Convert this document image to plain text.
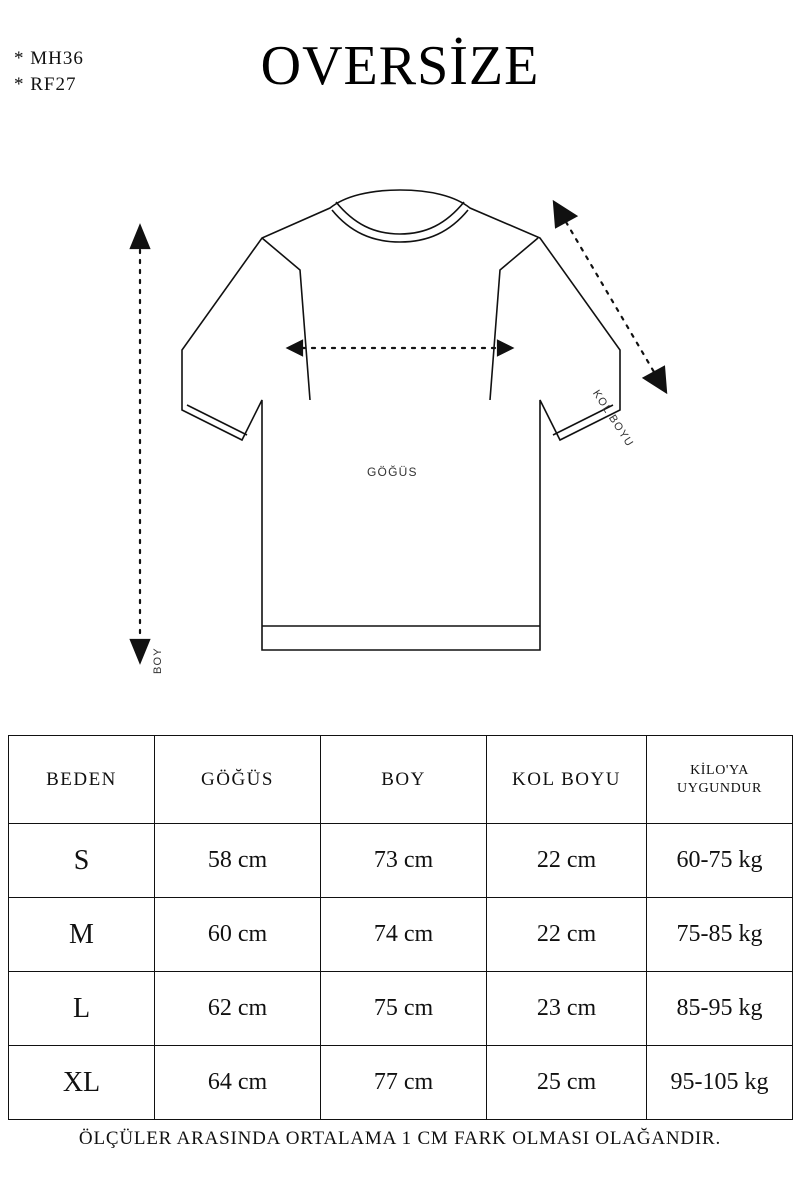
* MH36
* RF27	OVERSİZE
GÖĞÜS
BOY
KOL BOYU
BEDEN	GÖĞÜS	BOY	KOL BOYU	KİLO'YA
UYGUNDUR

S	58 cm	73 cm	22 cm	60-75 kg
M	60 cm	74 cm	22 cm	75-85 kg
L	62 cm	75 cm	23 cm	85-95 kg
XL	64 cm	77 cm	25 cm	95-105 kg
ÖLÇÜLER ARASINDA ORTALAMA 1 CM FARK OLMASI OLAĞANDIR.
